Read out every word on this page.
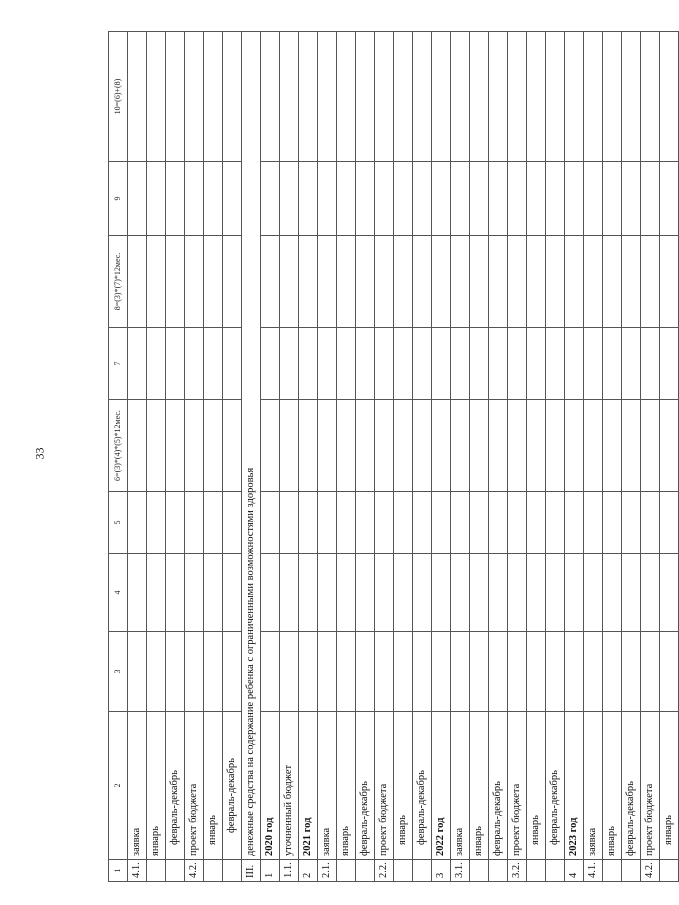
33
1	2	3	4	5	6=(3)*(4)*(5)*12мес.	7	8=(3)*(7)*12мес.	9	10=(6)+(8)
4.1.	заявка								
	январь								
	февраль-декабрь								
4.2.	проект бюджета								
	январь								
	февраль-декабрь								
III.	денежные средства на содержание ребенка с ограниченными возможностями здоровья								
1	2020 год								
1.1.	уточненный бюджет								
2	2021 год								
2.1.	заявка								
	январь								
	февраль-декабрь								
2.2.	проект бюджета								
	январь								
	февраль-декабрь								
3	2022 год								
3.1.	заявка								
	январь								
	февраль-декабрь								
3.2.	проект бюджета								
	январь								
	февраль-декабрь								
4	2023 год								
4.1.	заявка								
	январь								
	февраль-декабрь								
4.2.	проект бюджета								
	январь								
